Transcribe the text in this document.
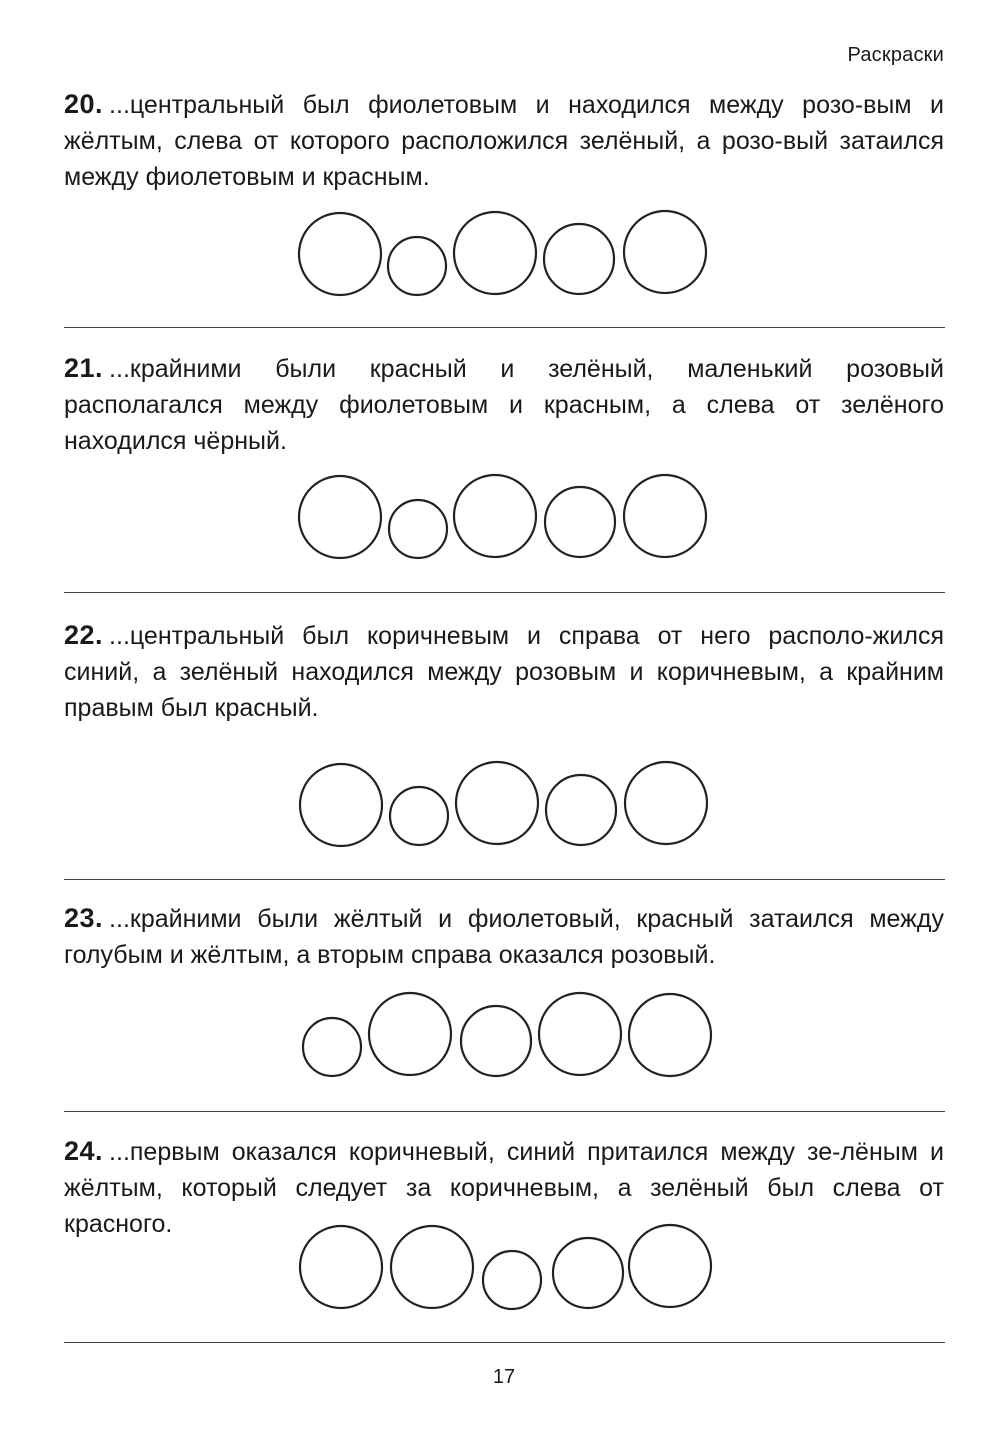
Раскраски

20. ...центральный был фиолетовым и находился между розо-вым и жёлтым, слева от которого расположился зелёный, а розо-вый затаился между фиолетовым и красным.

21. ...крайними были красный и зелёный, маленький розовый располагался между фиолетовым и красным, а слева от зелёного находился чёрный.

22. ...центральный был коричневым и справа от него располо-жился синий, а зелёный находился между розовым и коричневым, а крайним правым был красный.

23. ...крайними были жёлтый и фиолетовый, красный затаился между голубым и жёлтым, а вторым справа оказался розовый.

24. ...первым оказался коричневый, синий притаился между зе-лёным и жёлтым, который следует за коричневым, а зелёный был слева от красного.

17
